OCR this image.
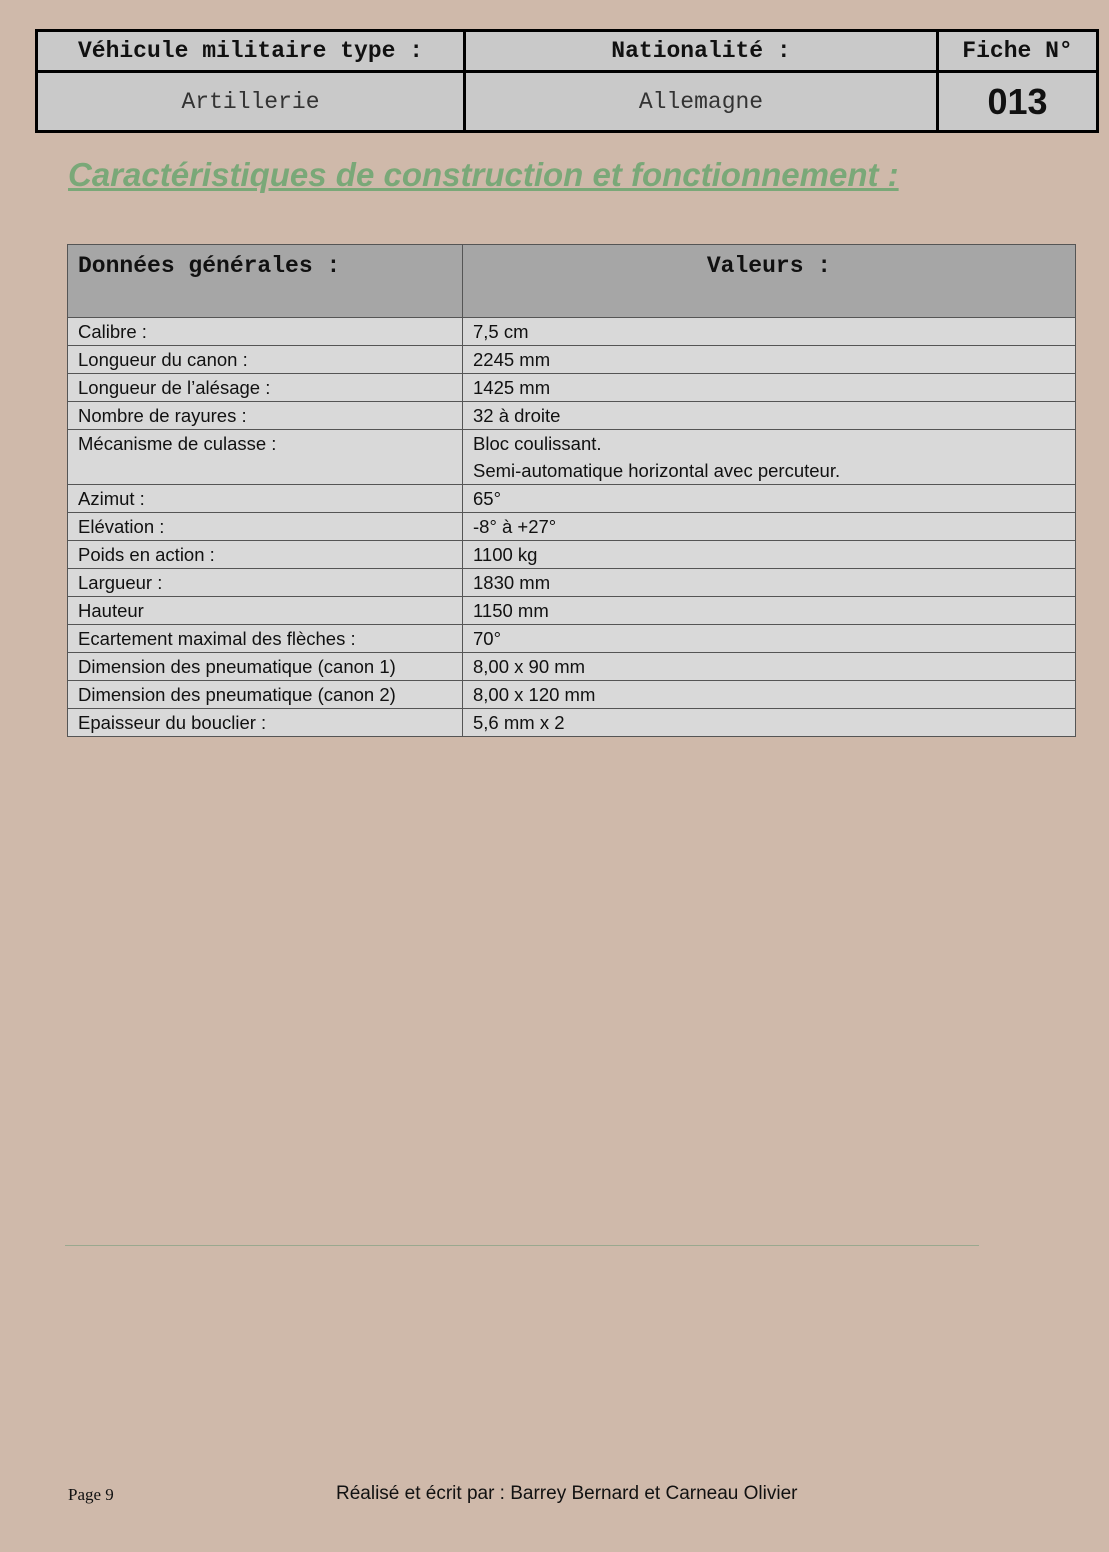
Véhicule militaire type :	Nationalité :	Fiche N°
Artillerie	Allemagne	013
Caractéristiques de construction et fonctionnement :
Données générales :	Valeurs :
Calibre :	7,5 cm
Longueur du canon :	2245 mm
Longueur de l’alésage :	1425 mm
Nombre de rayures :	32 à droite
Mécanisme de culasse :	Bloc coulissant.
Semi-automatique horizontal avec percuteur.

Azimut :	65°
Elévation :	-8° à +27°
Poids en action :	1100 kg
Largueur :	1830 mm
Hauteur	1150 mm
Ecartement maximal des flèches :	70°
Dimension des pneumatique (canon 1)	8,00 x 90 mm
Dimension des pneumatique (canon 2)	8,00 x 120 mm
Epaisseur du bouclier :	5,6 mm x 2
Page 9	Réalisé et écrit par : Barrey Bernard et Carneau Olivier
